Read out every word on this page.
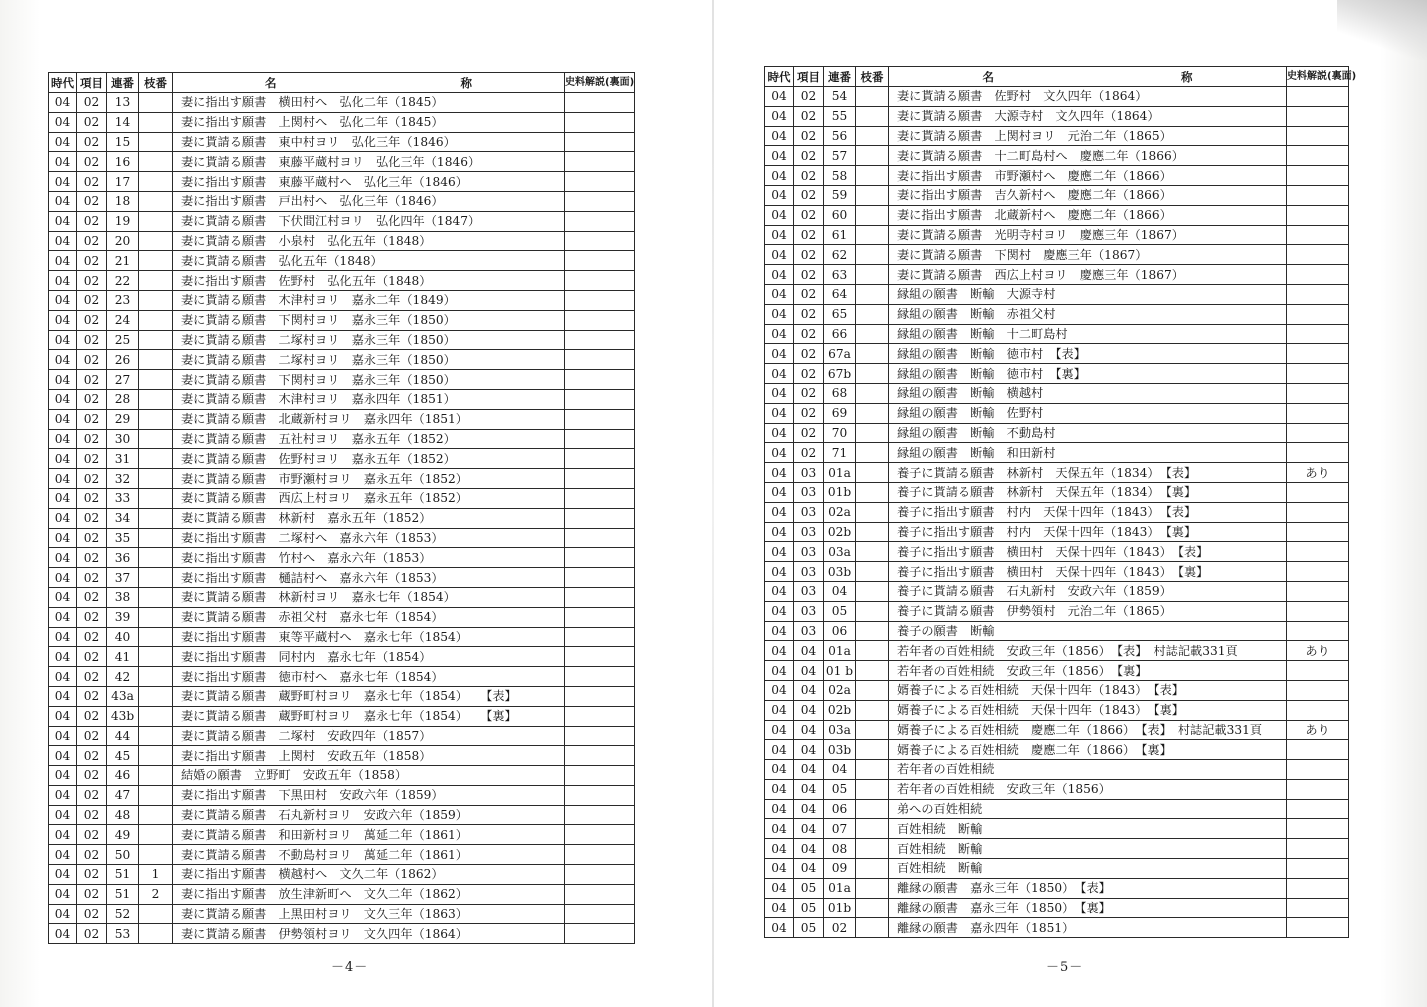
時代	項目	連番	枝番	名 称	史料解説(裏面)
04	02	13		妻に指出す願書　横田村へ　弘化二年（1845）	
04	02	14		妻に指出す願書　上関村へ　弘化二年（1845）	
04	02	15		妻に貰請る願書　東中村ヨリ　弘化三年（1846）	
04	02	16		妻に貰請る願書　東藤平蔵村ヨリ　弘化三年（1846）	
04	02	17		妻に指出す願書　東藤平蔵村へ　弘化三年（1846）	
04	02	18		妻に指出す願書　戸出村へ　弘化三年（1846）	
04	02	19		妻に貰請る願書　下伏間江村ヨリ　弘化四年（1847）	
04	02	20		妻に貰請る願書　小泉村　弘化五年（1848）	
04	02	21		妻に貰請る願書　弘化五年（1848）	
04	02	22		妻に指出す願書　佐野村　弘化五年（1848）	
04	02	23		妻に貰請る願書　木津村ヨリ　嘉永二年（1849）	
04	02	24		妻に貰請る願書　下関村ヨリ　嘉永三年（1850）	
04	02	25		妻に貰請る願書　二塚村ヨリ　嘉永三年（1850）	
04	02	26		妻に貰請る願書　二塚村ヨリ　嘉永三年（1850）	
04	02	27		妻に貰請る願書　下関村ヨリ　嘉永三年（1850）	
04	02	28		妻に貰請る願書　木津村ヨリ　嘉永四年（1851）	
04	02	29		妻に貰請る願書　北蔵新村ヨリ　嘉永四年（1851）	
04	02	30		妻に貰請る願書　五社村ヨリ　嘉永五年（1852）	
04	02	31		妻に貰請る願書　佐野村ヨリ　嘉永五年（1852）	
04	02	32		妻に貰請る願書　市野瀬村ヨリ　嘉永五年（1852）	
04	02	33		妻に貰請る願書　西広上村ヨリ　嘉永五年（1852）	
04	02	34		妻に貰請る願書　林新村　嘉永五年（1852）	
04	02	35		妻に指出す願書　二塚村へ　嘉永六年（1853）	
04	02	36		妻に指出す願書　竹村へ　嘉永六年（1853）	
04	02	37		妻に指出す願書　樋詰村へ　嘉永六年（1853）	
04	02	38		妻に貰請る願書　林新村ヨリ　嘉永七年（1854）	
04	02	39		妻に貰請る願書　赤祖父村　嘉永七年（1854）	
04	02	40		妻に指出す願書　東等平蔵村へ　嘉永七年（1854）	
04	02	41		妻に指出す願書　同村内　嘉永七年（1854）	
04	02	42		妻に指出す願書　徳市村へ　嘉永七年（1854）	
04	02	43a		妻に貰請る願書　蔵野町村ヨリ　嘉永七年（1854）　　【表】	
04	02	43b		妻に貰請る願書　蔵野町村ヨリ　嘉永七年（1854）　　【裏】	
04	02	44		妻に貰請る願書　二塚村　安政四年（1857）	
04	02	45		妻に指出す願書　上関村　安政五年（1858）	
04	02	46		結婚の願書　立野町　安政五年（1858）	
04	02	47		妻に指出す願書　下黒田村　安政六年（1859）	
04	02	48		妻に貰請る願書　石丸新村ヨリ　安政六年（1859）	
04	02	49		妻に貰請る願書　和田新村ヨリ　萬延二年（1861）	
04	02	50		妻に貰請る願書　不動島村ヨリ　萬延二年（1861）	
04	02	51	1	妻に指出す願書　横越村へ　文久二年（1862）	
04	02	51	2	妻に指出す願書　放生津新町へ　文久二年（1862）	
04	02	52		妻に貰請る願書　上黒田村ヨリ　文久三年（1863）	
04	02	53		妻に貰請る願書　伊勢領村ヨリ　文久四年（1864）	
時代	項目	連番	枝番	名 称	史料解説(裏面)
04	02	54		妻に貰請る願書　佐野村　文久四年（1864）	
04	02	55		妻に貰請る願書　大源寺村　文久四年（1864）	
04	02	56		妻に貰請る願書　上関村ヨリ　元治二年（1865）	
04	02	57		妻に貰請る願書　十二町島村へ　慶應二年（1866）	
04	02	58		妻に指出す願書　市野瀬村へ　慶應二年（1866）	
04	02	59		妻に指出す願書　吉久新村へ　慶應二年（1866）	
04	02	60		妻に指出す願書　北蔵新村へ　慶應二年（1866）	
04	02	61		妻に貰請る願書　光明寺村ヨリ　慶應三年（1867）	
04	02	62		妻に貰請る願書　下関村　慶應三年（1867）	
04	02	63		妻に貰請る願書　西広上村ヨリ　慶應三年（1867）	
04	02	64		縁組の願書　断輸　大源寺村	
04	02	65		縁組の願書　断輸　赤祖父村	
04	02	66		縁組の願書　断輸　十二町島村	
04	02	67a		縁組の願書　断輸　徳市村　【表】	
04	02	67b		縁組の願書　断輸　徳市村　【裏】	
04	02	68		縁組の願書　断輸　横越村	
04	02	69		縁組の願書　断輸　佐野村	
04	02	70		縁組の願書　断輸　不動島村	
04	02	71		縁組の願書　断輸　和田新村	
04	03	01a		養子に貰請る願書　林新村　天保五年（1834）　【表】	あり
04	03	01b		養子に貰請る願書　林新村　天保五年（1834）　【裏】	
04	03	02a		養子に指出す願書　村内　天保十四年（1843）　【表】	
04	03	02b		養子に指出す願書　村内　天保十四年（1843）　【裏】	
04	03	03a		養子に指出す願書　横田村　天保十四年（1843）　【表】	
04	03	03b		養子に指出す願書　横田村　天保十四年（1843）　【裏】	
04	03	04		養子に貰請る願書　石丸新村　安政六年（1859）	
04	03	05		養子に貰請る願書　伊勢領村　元治二年（1865）	
04	03	06		養子の願書　断輸	
04	04	01a		若年者の百姓相続　安政三年（1856）　【表】　村誌記載331頁	あり
04	04	01 b		若年者の百姓相続　安政三年（1856）　【裏】	
04	04	02a		婿養子による百姓相続　天保十四年（1843）　【表】	
04	04	02b		婿養子による百姓相続　天保十四年（1843）　【裏】	
04	04	03a		婿養子による百姓相続　慶應二年（1866）　【表】　村誌記載331頁	あり
04	04	03b		婿養子による百姓相続　慶應二年（1866）　【裏】	
04	04	04		若年者の百姓相続	
04	04	05		若年者の百姓相続　安政三年（1856）	
04	04	06		弟への百姓相続	
04	04	07		百姓相続　断輸	
04	04	08		百姓相続　断輸	
04	04	09		百姓相続　断輸	
04	05	01a		離縁の願書　嘉永三年（1850）　【表】	
04	05	01b		離縁の願書　嘉永三年（1850）　【裏】	
04	05	02		離縁の願書　嘉永四年（1851）	
－4－	－5－
